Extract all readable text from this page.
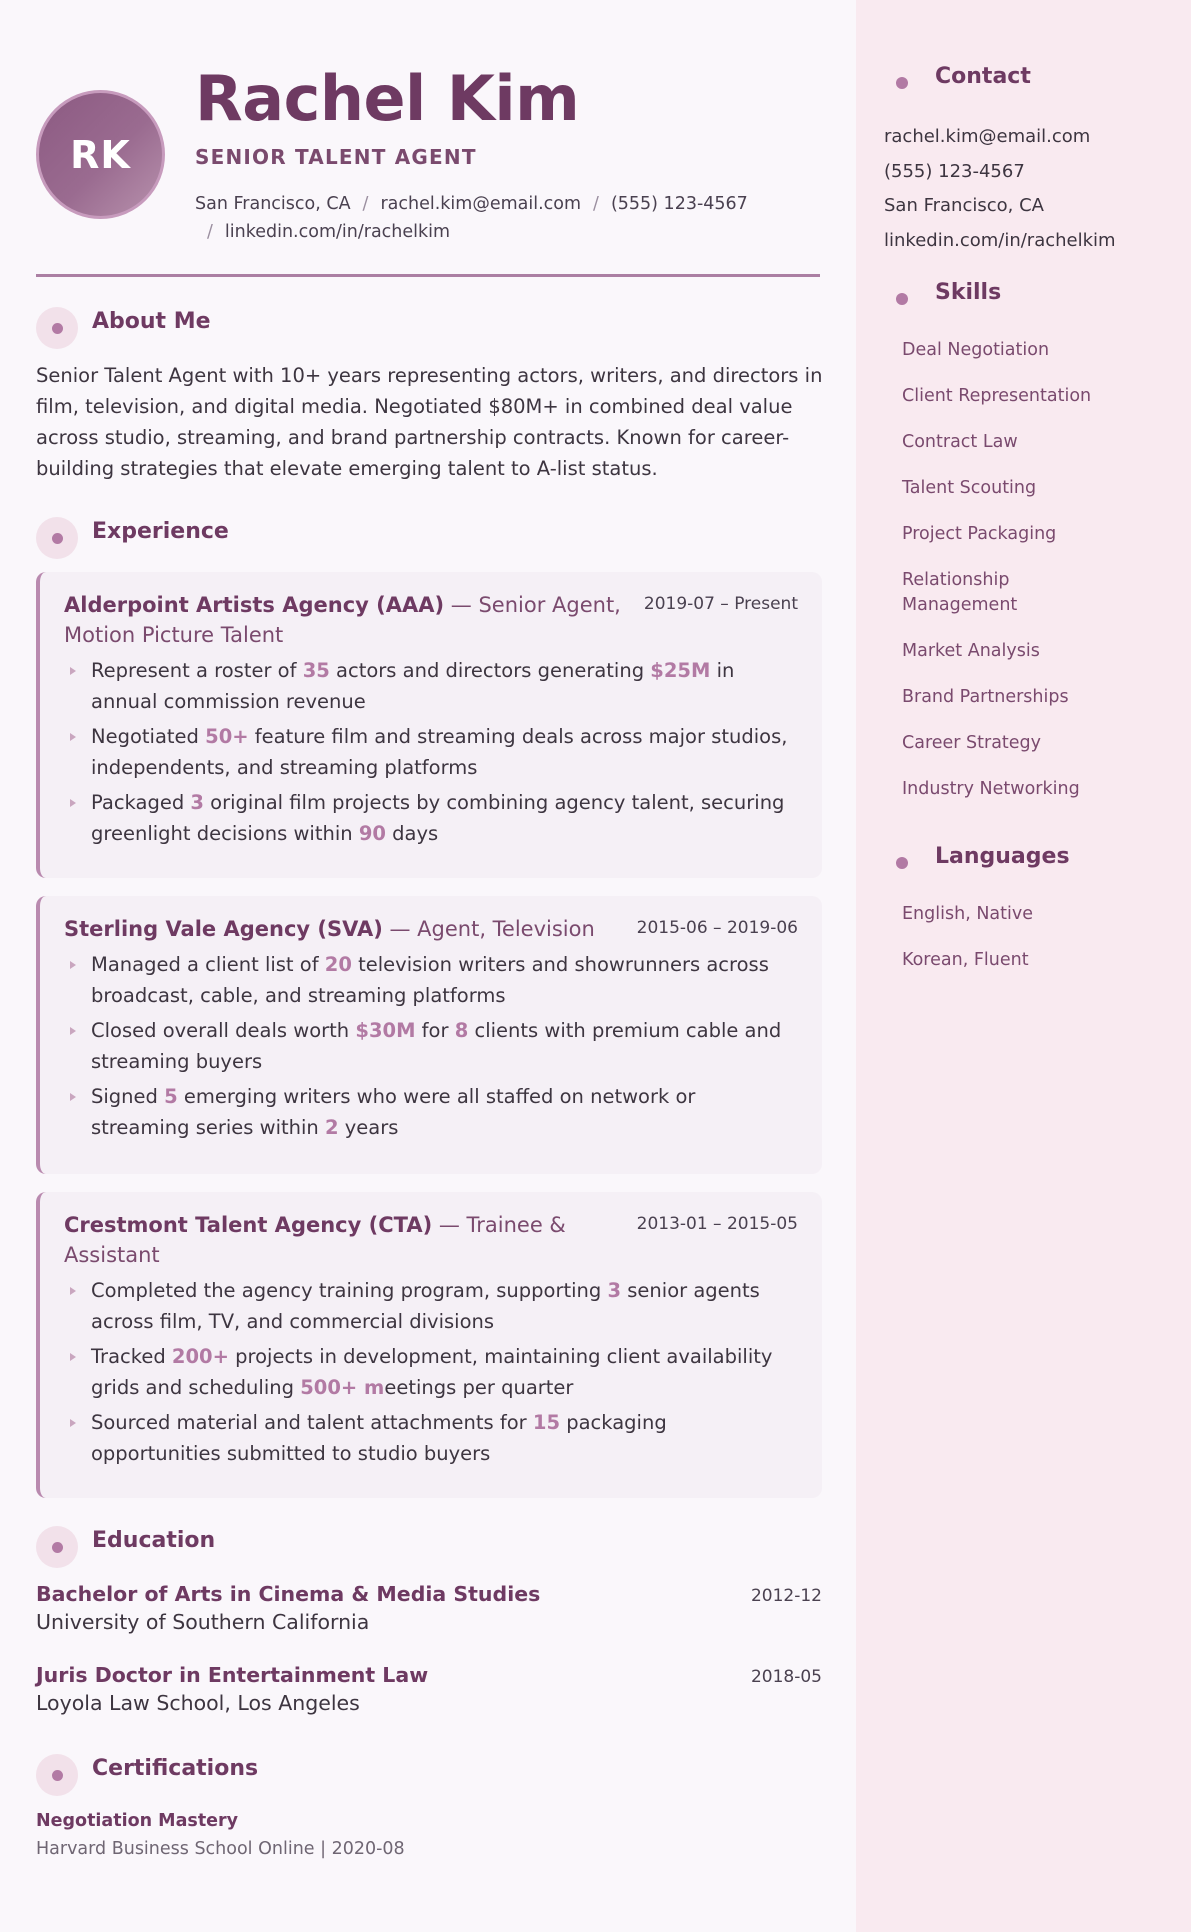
RK
Rachel Kim
SENIOR TALENT AGENT
San Francisco, CA / rachel.kim@email.com / (555) 123-4567
/ linkedin.com/in/rachelkim
About Me
Senior Talent Agent with 10+ years representing actors, writers, and directors in film, television, and digital media. Negotiated $80M+ in combined deal value across studio, streaming, and brand partnership contracts. Known for career-building strategies that elevate emerging talent to A-list status.
Experience
Alderpoint Artists Agency (AAA) — Senior Agent, Motion Picture Talent
2019-07 – Present
Represent a roster of 35 actors and directors generating $25M in annual commission revenue
Negotiated 50+ feature film and streaming deals across major studios, independents, and streaming platforms
Packaged 3 original film projects by combining agency talent, securing greenlight decisions within 90 days
Sterling Vale Agency (SVA) — Agent, Television	2015-06 – 2019-06
Managed a client list of 20 television writers and showrunners across broadcast, cable, and streaming platforms
Closed overall deals worth $30M for 8 clients with premium cable and streaming buyers
Signed 5 emerging writers who were all staffed on network or streaming series within 2 years
Crestmont Talent Agency (CTA) — Trainee & Assistant
2013-01 – 2015-05
Completed the agency training program, supporting 3 senior agents across film, TV, and commercial divisions
Tracked 200+ projects in development, maintaining client availability grids and scheduling 500+ meetings per quarter
Sourced material and talent attachments for 15 packaging opportunities submitted to studio buyers
Education
Bachelor of Arts in Cinema & Media Studies	2012-12
University of Southern California
Juris Doctor in Entertainment Law	2018-05
Loyola Law School, Los Angeles
Certifications
Negotiation Mastery
Harvard Business School Online | 2020-08
Contact
rachel.kim@email.com
(555) 123-4567
San Francisco, CA
linkedin.com/in/rachelkim
Skills
Deal Negotiation
Client Representation
Contract Law
Talent Scouting
Project Packaging
Relationship Management
Market Analysis
Brand Partnerships
Career Strategy
Industry Networking
Languages
English, Native
Korean, Fluent
